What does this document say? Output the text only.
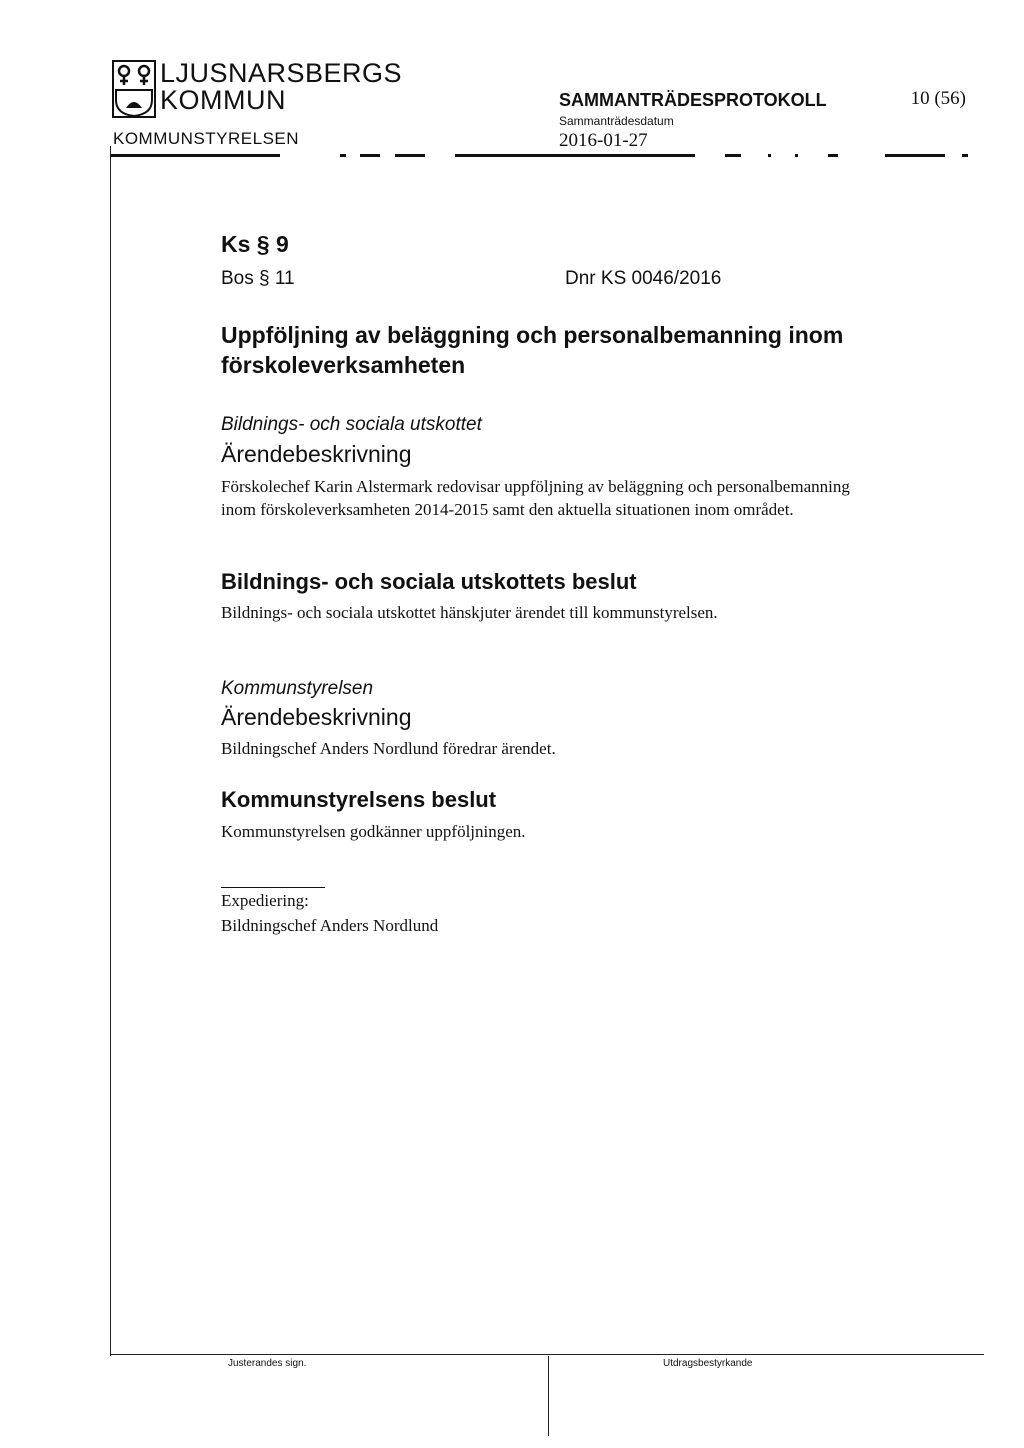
LJUSNARSBERGS
KOMMUN
KOMMUNSTYRELSEN
SAMMANTRÄDESPROTOKOLL
Sammanträdesdatum
2016-01-27
10 (56)
Ks § 9
Bos § 11	Dnr KS 0046/2016
Uppföljning av beläggning och personalbemanning inom förskoleverksamheten
Bildnings- och sociala utskottet
Ärendebeskrivning
Förskolechef Karin Alstermark redovisar uppföljning av beläggning och personalbemanning inom förskoleverksamheten 2014-2015 samt den aktuella situationen inom området.
Bildnings- och sociala utskottets beslut
Bildnings- och sociala utskottet hänskjuter ärendet till kommunstyrelsen.
Kommunstyrelsen
Ärendebeskrivning
Bildningschef Anders Nordlund föredrar ärendet.
Kommunstyrelsens beslut
Kommunstyrelsen godkänner uppföljningen.
Expediering:
Bildningschef Anders Nordlund
Justerandes sign.	Utdragsbestyrkande
